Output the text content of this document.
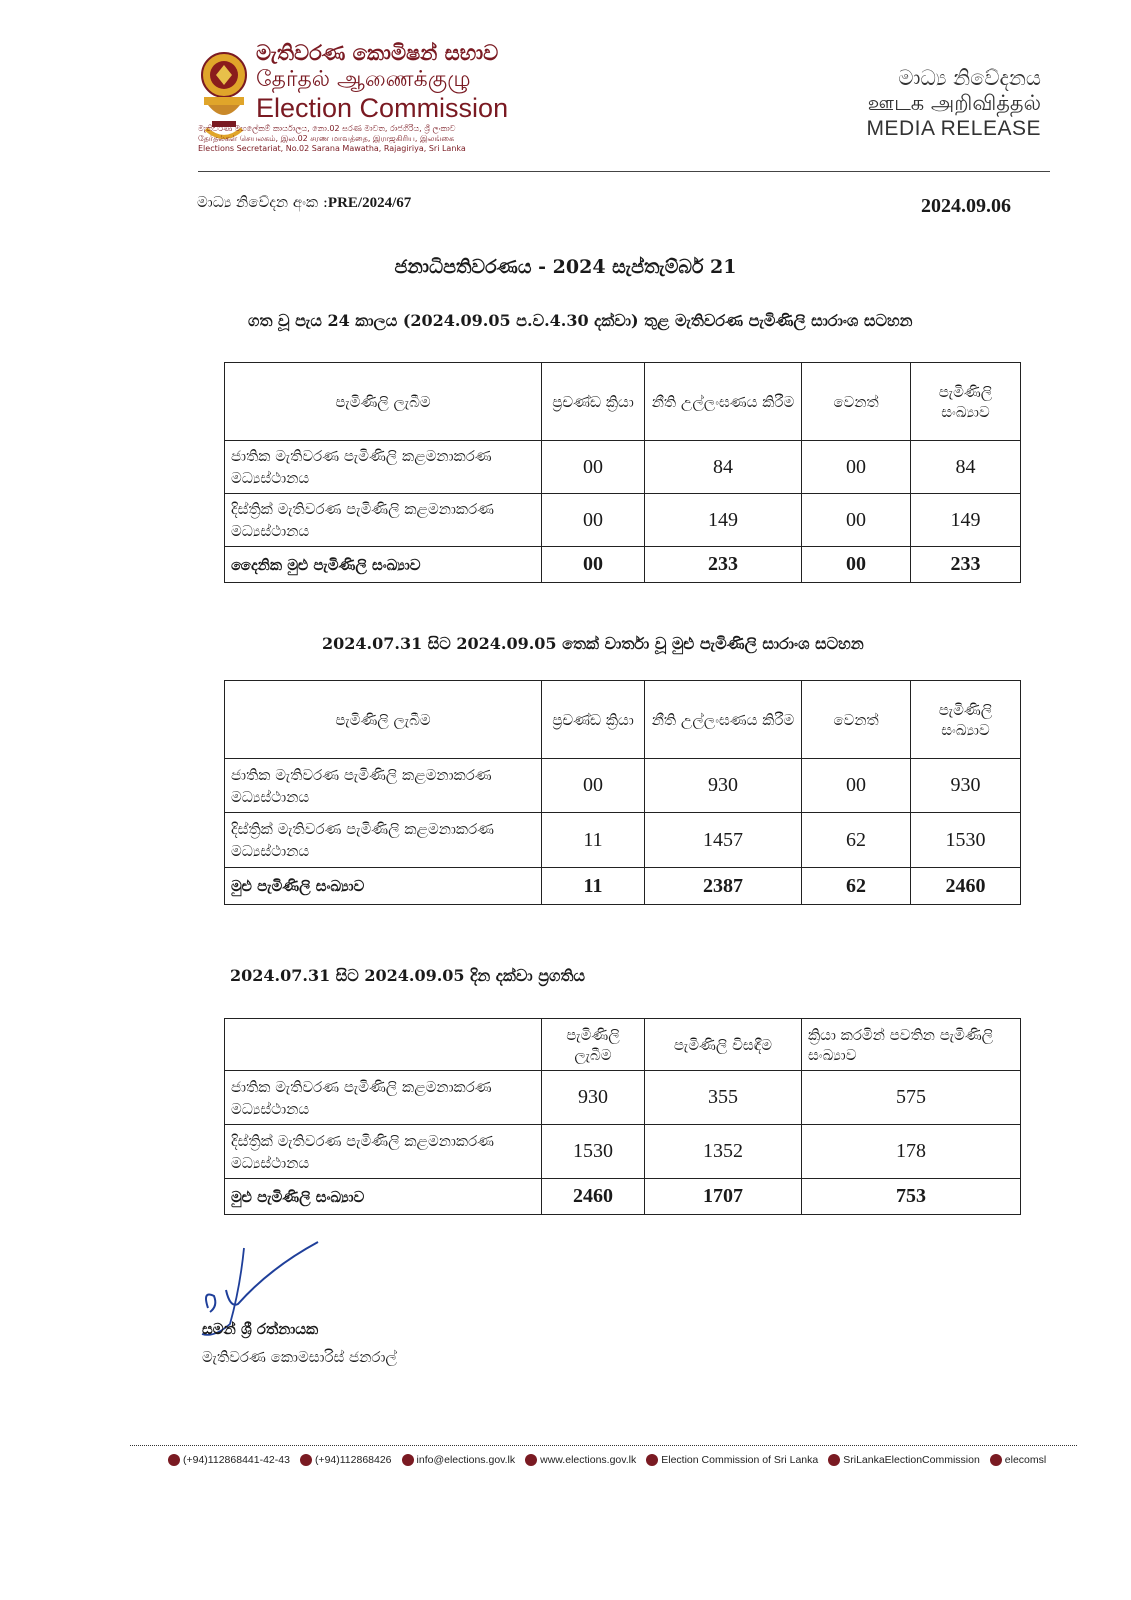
මැතිවරණ කොමිෂන් සභාව
தேர்தல் ஆணைக்குழு
Election Commission
මැතිවරණ මහලේකම් කාර්යාලය, නො.02 සරණ මාවත, රාජගිරිය, ශ්‍රී ලංකාව
தேர்தல்கள் செயலகம், இல.02 சரண மாவத்தை, இராஜகிரிய, இலங்கை
Elections Secretariat, No.02 Sarana Mawatha, Rajagiriya, Sri Lanka
මාධ්‍ය නිවේදනය
ஊடக அறிவித்தல்
MEDIA RELEASE
මාධ්‍ය නිවේදන අංක :PRE/2024/67	2024.09.06
ජනාධිපතිවරණය - 2024 සැප්තැම්බර් 21
ගත වූ පැය 24 කාලය (2024.09.05 ප.ව.4.30 දක්වා) තුළ මැතිවරණ පැමිණිලි සාරාංශ සටහන
පැමිණිලි ලැබීම	ප්‍රචණ්ඩ ක්‍රියා	නීති උල්ලංඝණය කිරීම	වෙනත්	පැමිණිලි සංඛ්‍යාව
ජාතික මැතිවරණ පැමිණිලි කළමනාකරණ මධ්‍යස්ථානය	00	84	00	84
දිස්ත්‍රික් මැතිවරණ පැමිණිලි කළමනාකරණ මධ්‍යස්ථානය	00	149	00	149
දෛනික මුළු පැමිණිලි සංඛ්‍යාව	00	233	00	233
2024.07.31 සිට 2024.09.05 තෙක් වාර්තා වූ මුළු පැමිණිලි සාරාංශ සටහන
පැමිණිලි ලැබීම	ප්‍රචණ්ඩ ක්‍රියා	නීති උල්ලංඝණය කිරීම	වෙනත්	පැමිණිලි සංඛ්‍යාව
ජාතික මැතිවරණ පැමිණිලි කළමනාකරණ මධ්‍යස්ථානය	00	930	00	930
දිස්ත්‍රික් මැතිවරණ පැමිණිලි කළමනාකරණ මධ්‍යස්ථානය	11	1457	62	1530
මුළු පැමිණිලි සංඛ්‍යාව	11	2387	62	2460
2024.07.31 සිට 2024.09.05 දින දක්වා ප්‍රගතිය
	පැමිණිලි ලැබීම	පැමිණිලි විසඳීම	ක්‍රියා කරමින් පවතින පැමිණිලි සංඛ්‍යාව
ජාතික මැතිවරණ පැමිණිලි කළමනාකරණ මධ්‍යස්ථානය	930	355	575
දිස්ත්‍රික් මැතිවරණ පැමිණිලි කළමනාකරණ මධ්‍යස්ථානය	1530	1352	178
මුළු පැමිණිලි සංඛ්‍යාව	2460	1707	753
සමන් ශ්‍රී රත්නායක
මැතිවරණ කොමසාරිස් ජනරාල්
(+94)112868441-42-43 (+94)112868426 info@elections.gov.lk www.elections.gov.lk Election Commission of Sri Lanka SriLankaElectionCommission elecomsl
